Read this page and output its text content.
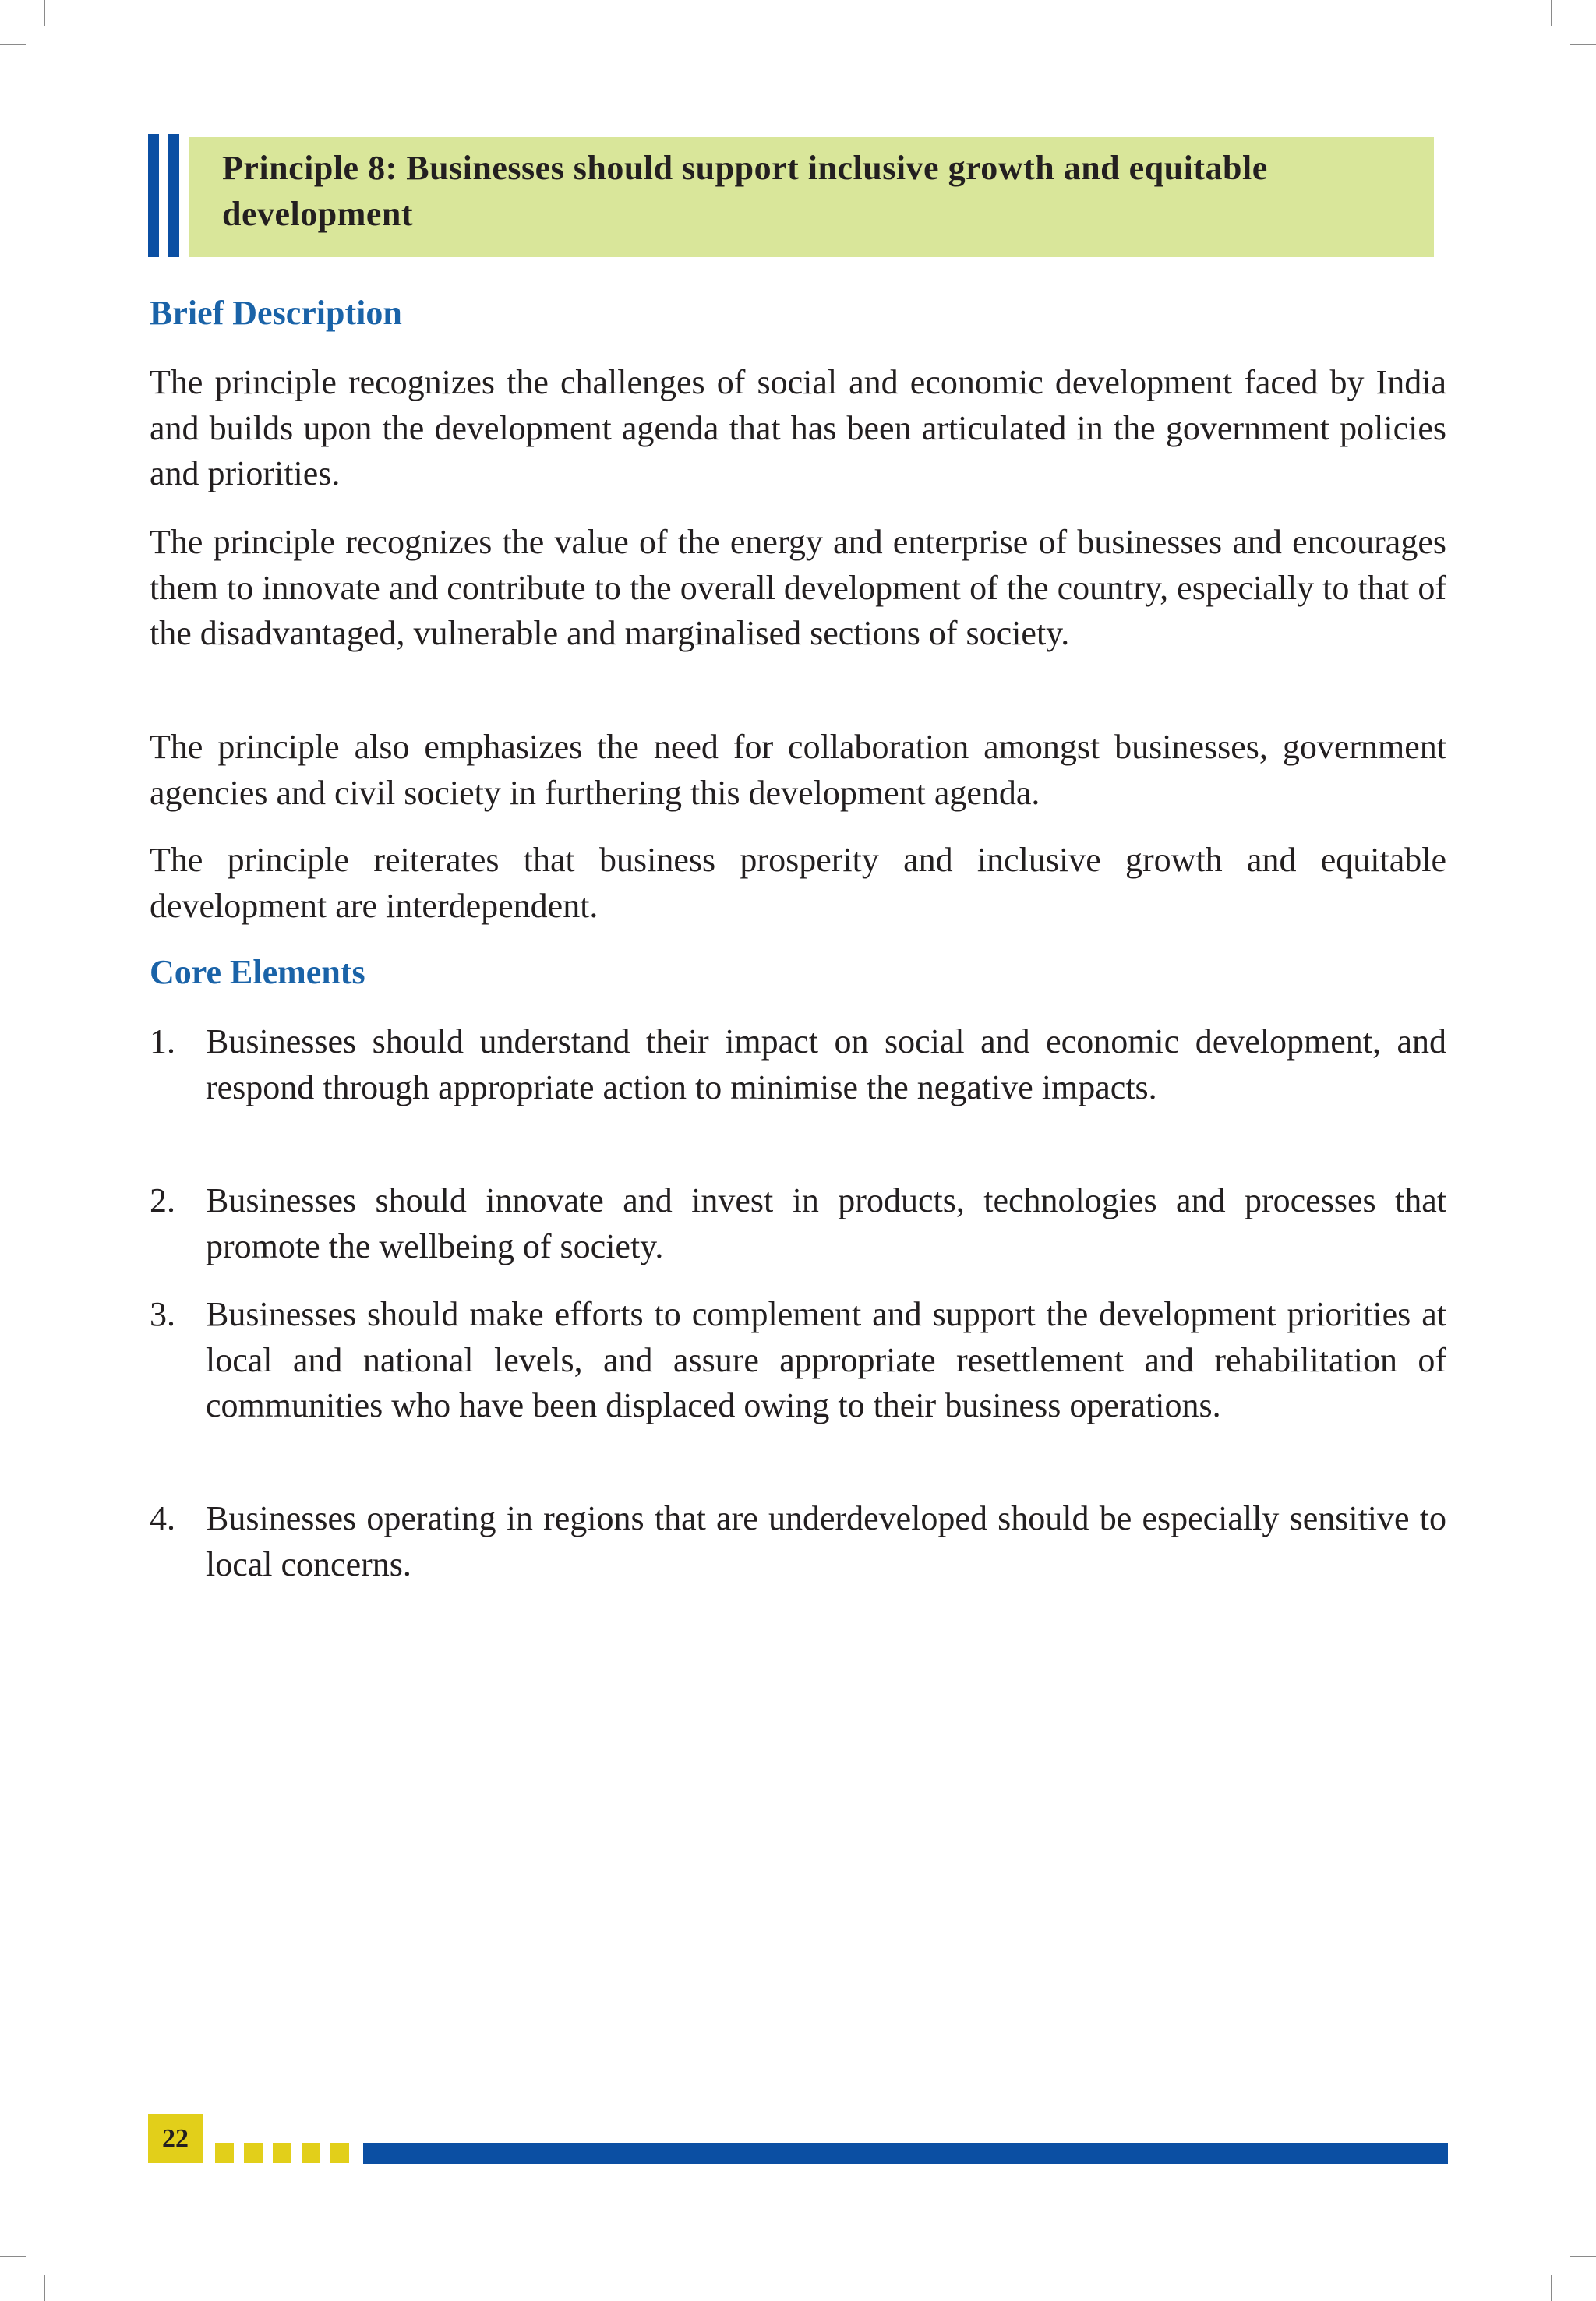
Principle 8: Businesses should support inclusive growth and equitable development
Brief Description

The principle recognizes the challenges of social and economic development faced by India and builds upon the development agenda that has been articulated in the government policies and priorities.

The principle recognizes the value of the energy and enterprise of businesses and encourages them to innovate and contribute to the overall development of the country, especially to that of the disadvantaged, vulnerable and marginalised sections of society.

The principle also emphasizes the need for collaboration amongst businesses, government agencies and civil society in furthering this development agenda.

The principle reiterates that business prosperity and inclusive growth and equitable development are interdependent.

Core Elements
1. Businesses should understand their impact on social and economic development, and respond through appropriate action to minimise the negative impacts.
2. Businesses should innovate and invest in products, technologies and processes that promote the wellbeing of society.
3. Businesses should make efforts to complement and support the development priorities at local and national levels, and assure appropriate resettlement and rehabilitation of communities who have been displaced owing to their business operations.
4. Businesses operating in regions that are underdeveloped should be especially sensitive to local concerns.
22
